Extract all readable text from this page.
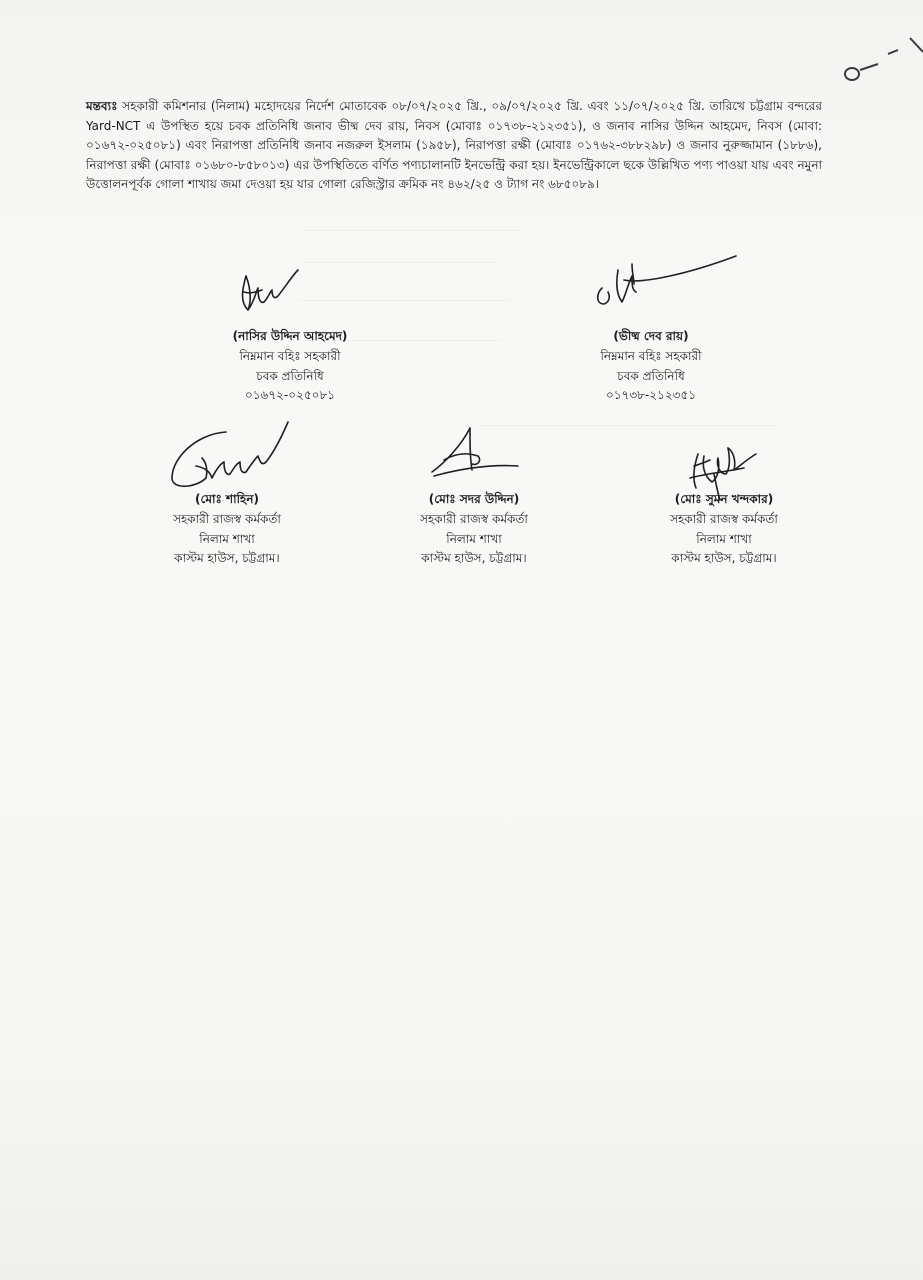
মন্তব্যঃ সহকারী কমিশনার (নিলাম) মহোদয়ের নির্দেশ মোতাবেক ০৮/০৭/২০২৫ খ্রি., ০৯/০৭/২০২৫ খ্রি. এবং ১১/০৭/২০২৫ খ্রি. তারিখে চট্টগ্রাম বন্দরের Yard-NCT এ উপস্থিত হয়ে চবক প্রতিনিধি জনাব ভীষ্ম দেব রায়, নিবস (মোবাঃ ০১৭৩৮-২১২৩৫১), ও জনাব নাসির উদ্দিন আহমেদ, নিবস (মোবা: ০১৬৭২-০২৫০৮১) এবং নিরাপত্তা প্রতিনিধি জনাব নজরুল ইসলাম (১৯৫৮), নিরাপত্তা রক্ষী (মোবাঃ ০১৭৬২-৩৮৮২৯৮) ও জনাব নুরুজ্জামান (১৮৮৬), নিরাপত্তা রক্ষী (মোবাঃ ০১৬৮০-৮৫৮০১৩) এর উপস্থিতিতে বর্ণিত পণ্যচালানটি ইনভেন্ট্রি করা হয়। ইনভেন্ট্রিকালে ছকে উল্লিখিত পণ্য পাওয়া যায় এবং নমুনা উত্তোলনপূর্বক গোলা শাখায় জমা দেওয়া হয় যার গোলা রেজিস্ট্রার ক্রমিক নং ৪৬২/২৫ ও ট্যাগ নং ৬৮৫০৮৯।
(নাসির উদ্দিন আহমেদ)
নিম্নমান বহিঃ সহকারী
চবক প্রতিনিধি
০১৬৭২-০২৫০৮১
(ভীষ্ম দেব রায়)
নিম্নমান বহিঃ সহকারী
চবক প্রতিনিধি
০১৭৩৮-২১২৩৫১
(মোঃ শাহিন)
সহকারী রাজস্ব কর্মকর্তা
নিলাম শাখা
কাস্টম হাউস, চট্টগ্রাম।
(মোঃ সদর উদ্দিন)
সহকারী রাজস্ব কর্মকর্তা
নিলাম শাখা
কাস্টম হাউস, চট্টগ্রাম।
(মোঃ সুমন খন্দকার)
সহকারী রাজস্ব কর্মকর্তা
নিলাম শাখা
কাস্টম হাউস, চট্টগ্রাম।
